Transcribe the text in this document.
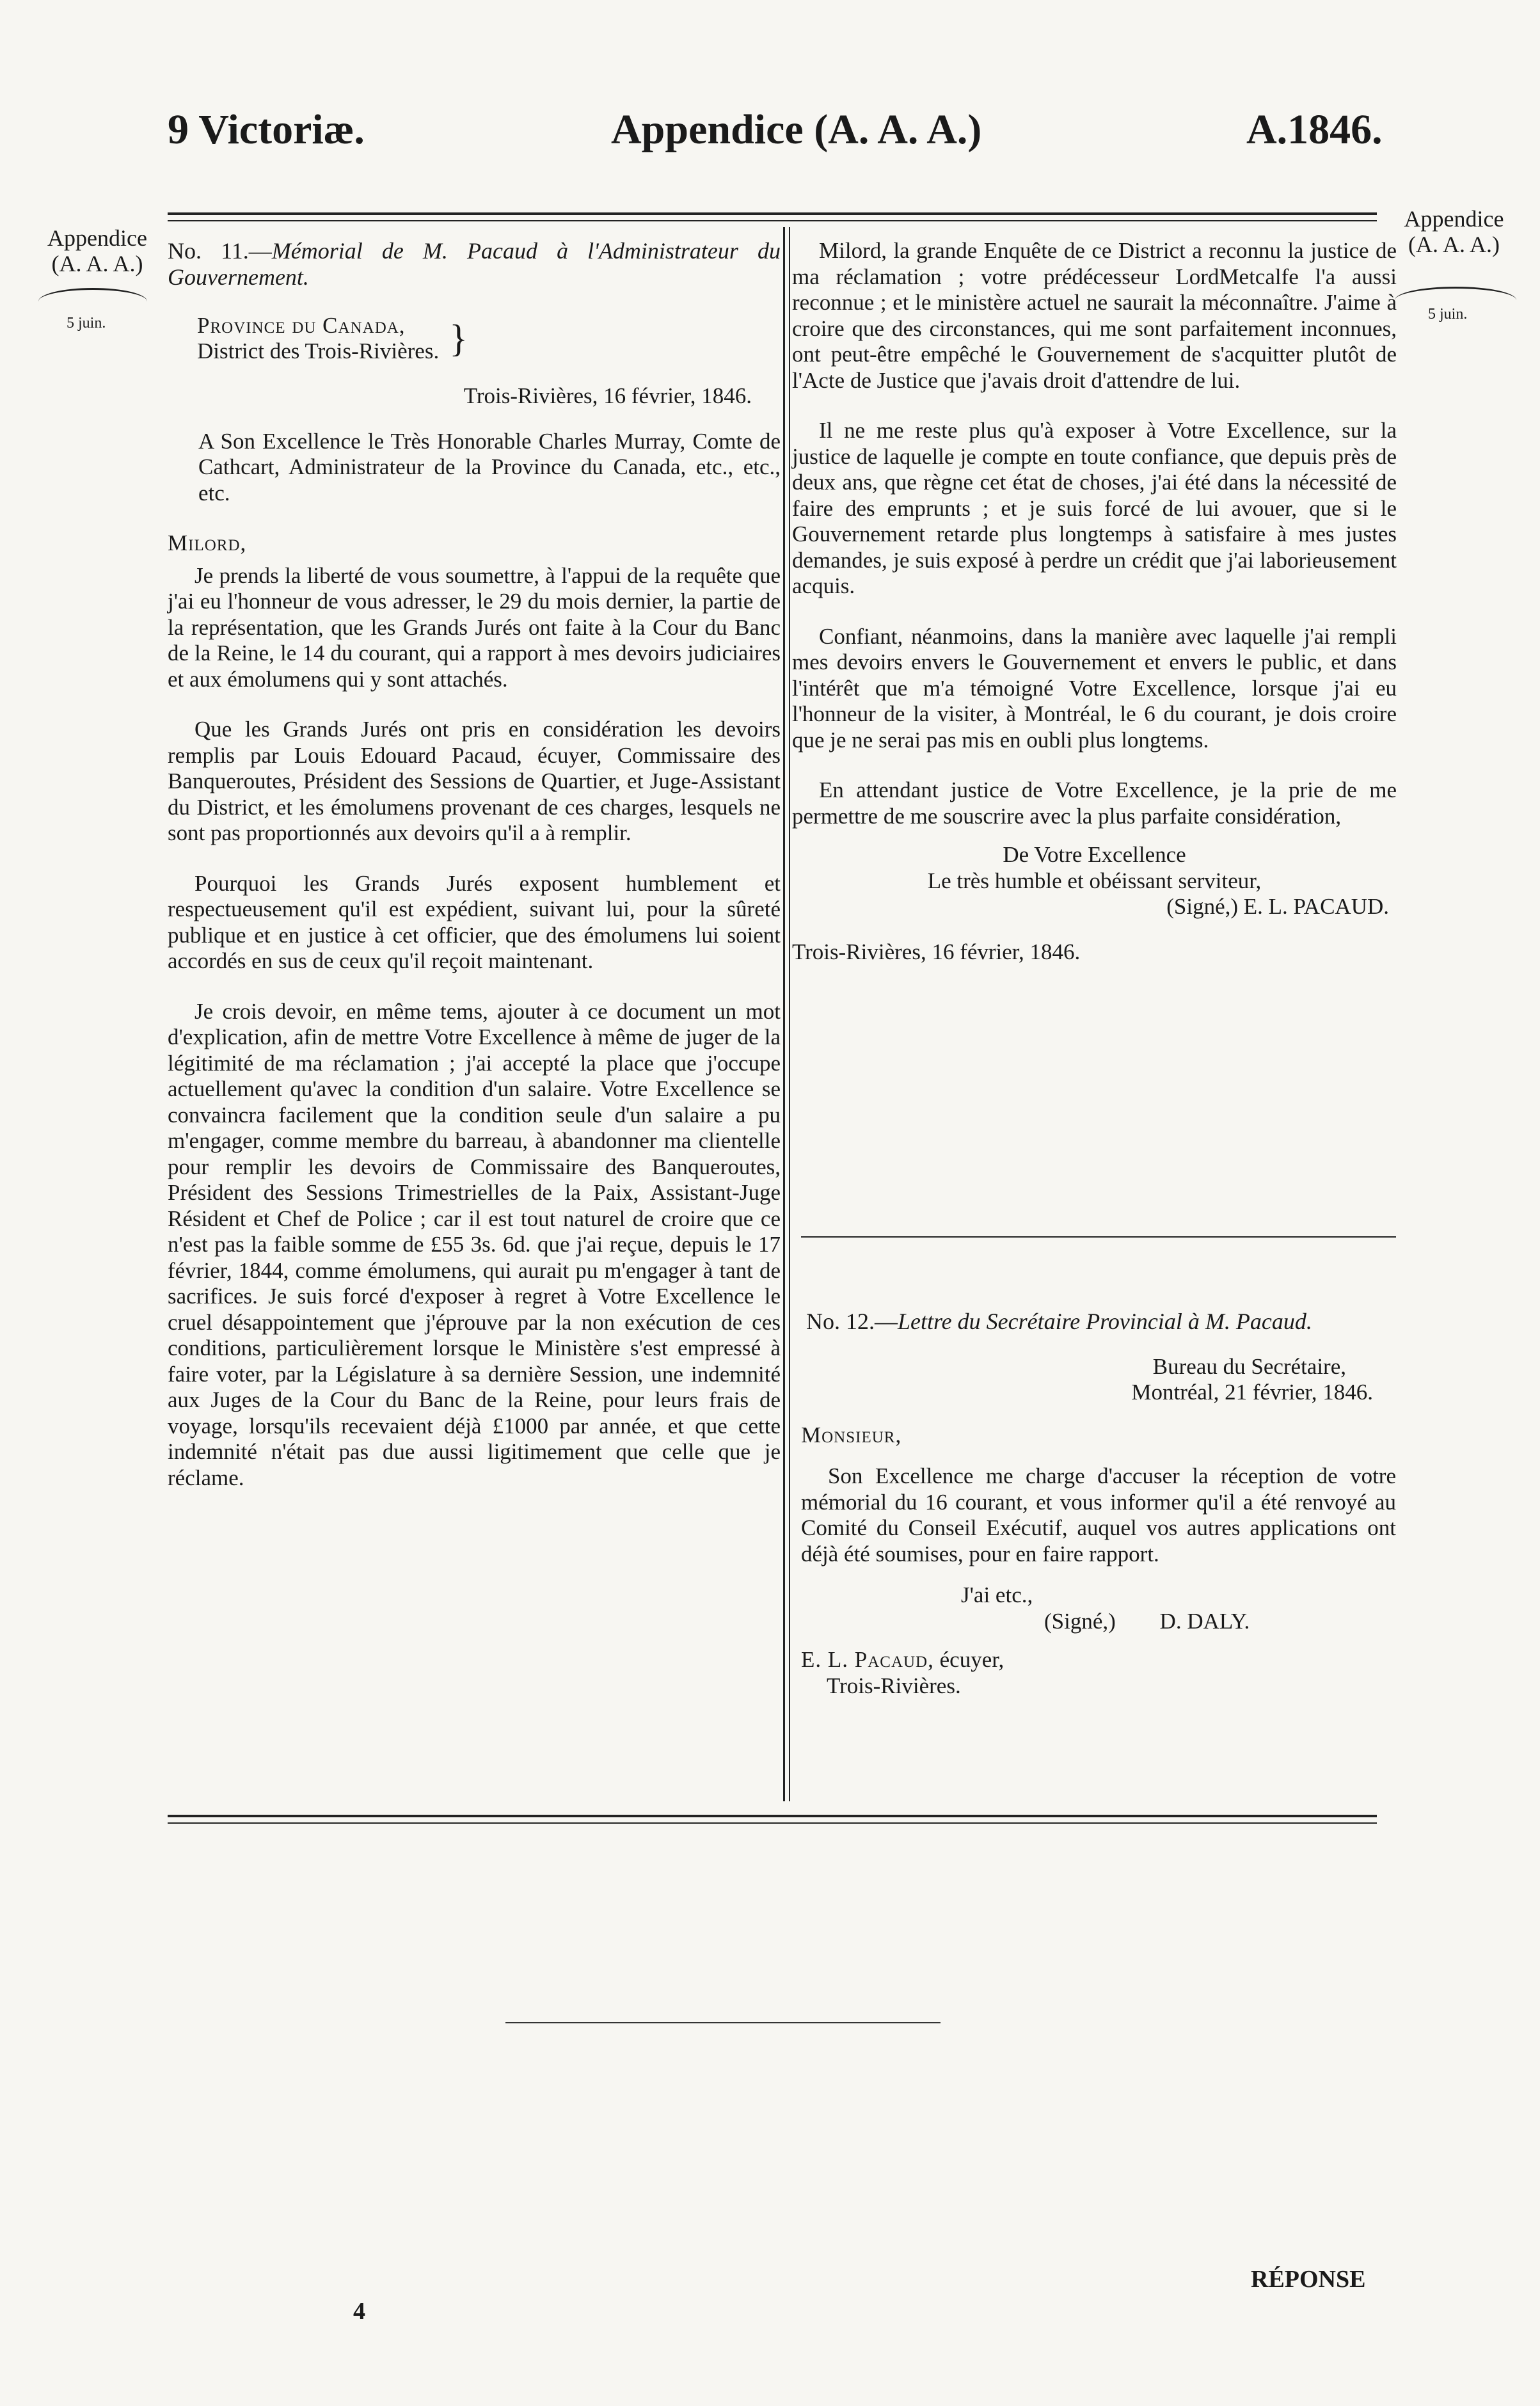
9 Victoriæ.	Appendice (A. A. A.)	A.1846.
Appendice
(A. A. A.)
5 juin.
Appendice
(A. A. A.)
5 juin.
No. 11.—Mémorial de M. Pacaud à l'Administrateur du Gouvernement.
Province du Canada,
District des Trois-Rivières.	}
Trois-Rivières, 16 février, 1846.
A Son Excellence le Très Honorable Charles Murray, Comte de Cathcart, Administrateur de la Province du Canada, etc., etc., etc.
Milord,

Je prends la liberté de vous soumettre, à l'appui de la requête que j'ai eu l'honneur de vous adresser, le 29 du mois dernier, la partie de la représentation, que les Grands Jurés ont faite à la Cour du Banc de la Reine, le 14 du courant, qui a rapport à mes devoirs judiciaires et aux émolumens qui y sont attachés.

Que les Grands Jurés ont pris en considération les devoirs remplis par Louis Edouard Pacaud, écuyer, Commissaire des Banqueroutes, Président des Sessions de Quartier, et Juge-Assistant du District, et les émolumens provenant de ces charges, lesquels ne sont pas proportionnés aux devoirs qu'il a à remplir.

Pourquoi les Grands Jurés exposent humblement et respectueusement qu'il est expédient, suivant lui, pour la sûreté publique et en justice à cet officier, que des émolumens lui soient accordés en sus de ceux qu'il reçoit maintenant.

Je crois devoir, en même tems, ajouter à ce document un mot d'explication, afin de mettre Votre Excellence à même de juger de la légitimité de ma réclamation ; j'ai accepté la place que j'occupe actuellement qu'avec la condition d'un salaire. Votre Excellence se convaincra facilement que la condition seule d'un salaire a pu m'engager, comme membre du barreau, à abandonner ma clientelle pour remplir les devoirs de Commissaire des Banqueroutes, Président des Sessions Trimestrielles de la Paix, Assistant-Juge Résident et Chef de Police ; car il est tout naturel de croire que ce n'est pas la faible somme de £55 3s. 6d. que j'ai reçue, depuis le 17 février, 1844, comme émolumens, qui aurait pu m'engager à tant de sacrifices. Je suis forcé d'exposer à regret à Votre Excellence le cruel désappointement que j'éprouve par la non exécution de ces conditions, particulièrement lorsque le Ministère s'est empressé à faire voter, par la Législature à sa dernière Session, une indemnité aux Juges de la Cour du Banc de la Reine, pour leurs frais de voyage, lorsqu'ils recevaient déjà £1000 par année, et que cette indemnité n'était pas due aussi ligitimement que celle que je réclame.

Milord, la grande Enquête de ce District a reconnu la justice de ma réclamation ; votre prédécesseur LordMetcalfe l'a aussi reconnue ; et le ministère actuel ne saurait la méconnaître. J'aime à croire que des circonstances, qui me sont parfaitement inconnues, ont peut-être empêché le Gouvernement de s'acquitter plutôt de l'Acte de Justice que j'avais droit d'attendre de lui.

Il ne me reste plus qu'à exposer à Votre Excellence, sur la justice de laquelle je compte en toute confiance, que depuis près de deux ans, que règne cet état de choses, j'ai été dans la nécessité de faire des emprunts ; et je suis forcé de lui avouer, que si le Gouvernement retarde plus longtemps à satisfaire à mes justes demandes, je suis exposé à perdre un crédit que j'ai laborieusement acquis.

Confiant, néanmoins, dans la manière avec laquelle j'ai rempli mes devoirs envers le Gouvernement et envers le public, et dans l'intérêt que m'a témoigné Votre Excellence, lorsque j'ai eu l'honneur de la visiter, à Montréal, le 6 du courant, je dois croire que je ne serai pas mis en oubli plus longtems.

En attendant justice de Votre Excellence, je la prie de me permettre de me souscrire avec la plus parfaite considération,

De Votre Excellence
Le très humble et obéissant serviteur,
(Signé,) E. L. PACAUD.
Trois-Rivières, 16 février, 1846.
No. 12.—Lettre du Secrétaire Provincial à M. Pacaud.
Bureau du Secrétaire,
Montréal, 21 février, 1846.
Monsieur,

Son Excellence me charge d'accuser la réception de votre mémorial du 16 courant, et vous informer qu'il a été renvoyé au Comité du Conseil Exécutif, auquel vos autres applications ont déjà été soumises, pour en faire rapport.

J'ai etc.,
(Signé,) D. DALY.
E. L. Pacaud, écuyer,
Trois-Rivières.
4
RÉPONSE
